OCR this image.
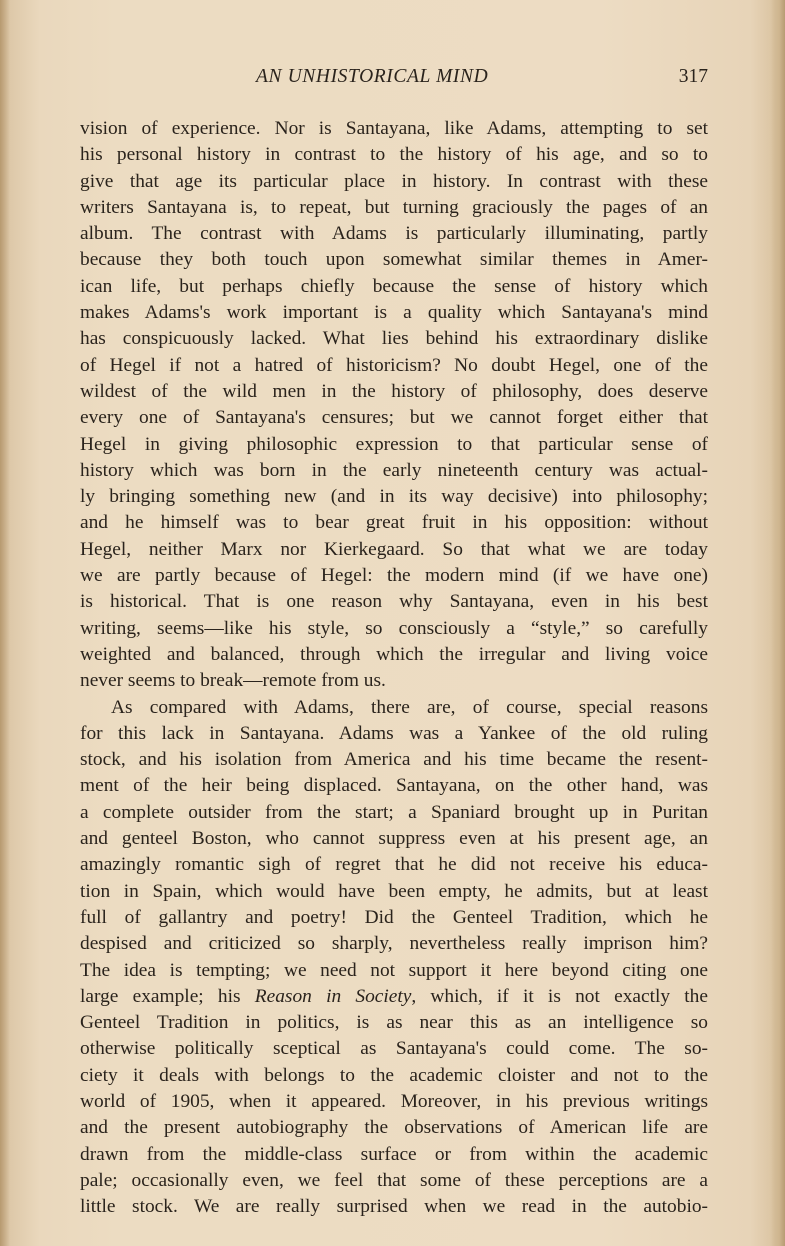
AN UNHISTORICAL MIND	317
vision of experience. Nor is Santayana, like Adams, attempting to set
his personal history in contrast to the history of his age, and so to
give that age its particular place in history. In contrast with these
writers Santayana is, to repeat, but turning graciously the pages of an
album. The contrast with Adams is particularly illuminating, partly
because they both touch upon somewhat similar themes in Amer-
ican life, but perhaps chiefly because the sense of history which
makes Adams's work important is a quality which Santayana's mind
has conspicuously lacked. What lies behind his extraordinary dislike
of Hegel if not a hatred of historicism? No doubt Hegel, one of the
wildest of the wild men in the history of philosophy, does deserve
every one of Santayana's censures; but we cannot forget either that
Hegel in giving philosophic expression to that particular sense of
history which was born in the early nineteenth century was actual-
ly bringing something new (and in its way decisive) into philosophy;
and he himself was to bear great fruit in his opposition: without
Hegel, neither Marx nor Kierkegaard. So that what we are today
we are partly because of Hegel: the modern mind (if we have one)
is historical. That is one reason why Santayana, even in his best
writing, seems—like his style, so consciously a “style,” so carefully
weighted and balanced, through which the irregular and living voice
never seems to break—remote from us.
As compared with Adams, there are, of course, special reasons
for this lack in Santayana. Adams was a Yankee of the old ruling
stock, and his isolation from America and his time became the resent-
ment of the heir being displaced. Santayana, on the other hand, was
a complete outsider from the start; a Spaniard brought up in Puritan
and genteel Boston, who cannot suppress even at his present age, an
amazingly romantic sigh of regret that he did not receive his educa-
tion in Spain, which would have been empty, he admits, but at least
full of gallantry and poetry! Did the Genteel Tradition, which he
despised and criticized so sharply, nevertheless really imprison him?
The idea is tempting; we need not support it here beyond citing one
large example; his Reason in Society, which, if it is not exactly the
Genteel Tradition in politics, is as near this as an intelligence so
otherwise politically sceptical as Santayana's could come. The so-
ciety it deals with belongs to the academic cloister and not to the
world of 1905, when it appeared. Moreover, in his previous writings
and the present autobiography the observations of American life are
drawn from the middle-class surface or from within the academic
pale; occasionally even, we feel that some of these perceptions are a
little stock. We are really surprised when we read in the autobio-
